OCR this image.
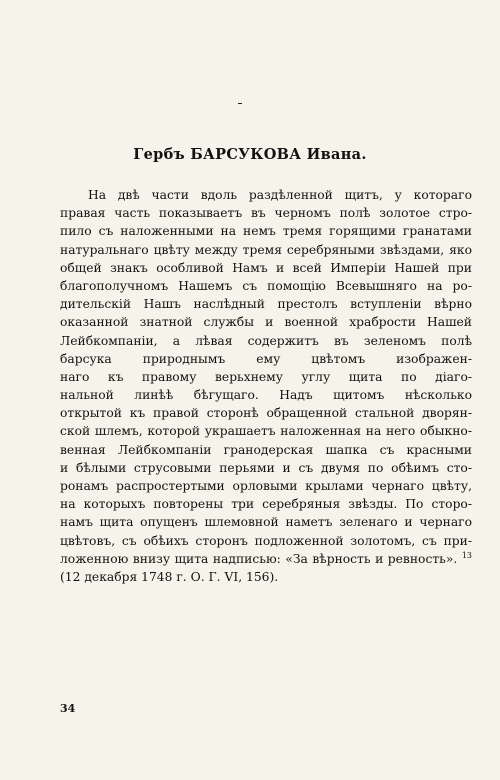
Гербъ БАРСУКОВА Ивана.
На двѣ части вдоль раздѣленной щитъ, у котораго
правая часть показываетъ въ черномъ полѣ золотое стро-
пило съ наложенными на немъ тремя горящими гранатами
натуральнаго цвѣту между тремя серебряными звѣздами, яко
общей знакъ особливой Намъ и всей Имперіи Нашей при
благополучномъ Нашемъ съ помощію Всевышняго на ро-
дительскій Нашъ наслѣдный престолъ вступленіи вѣрно
оказанной знатной службы и военной храбрости Нашей
Лейбкомпаніи, а лѣвая содержитъ въ зеленомъ полѣ
барсука природнымъ ему цвѣтомъ изображен-
наго къ правому верьхнему углу щита по діаго-
нальной линѣѣ бѣгущаго. Надъ щитомъ нѣсколько
открытой къ правой сторонѣ обращенной стальной дворян-
ской шлемъ, которой украшаетъ наложенная на него обыкно-
венная Лейбкомпаніи гранодерская шапка съ красными
и бѣлыми струсовыми перьями и съ двумя по обѣимъ сто-
ронамъ распростертыми орловыми крылами чернаго цвѣту,
на которыхъ повторены три серебряныя звѣзды. По сторо-
намъ щита опущенъ шлемовной наметъ зеленаго и чернаго
цвѣтовъ, съ обѣихъ сторонъ подложенной золотомъ, съ при-
ложенною внизу щита надписью: «За вѣрность и ревность». $^{13}$
(12 декабря 1748 г. О. Г. VI, 156).
34
